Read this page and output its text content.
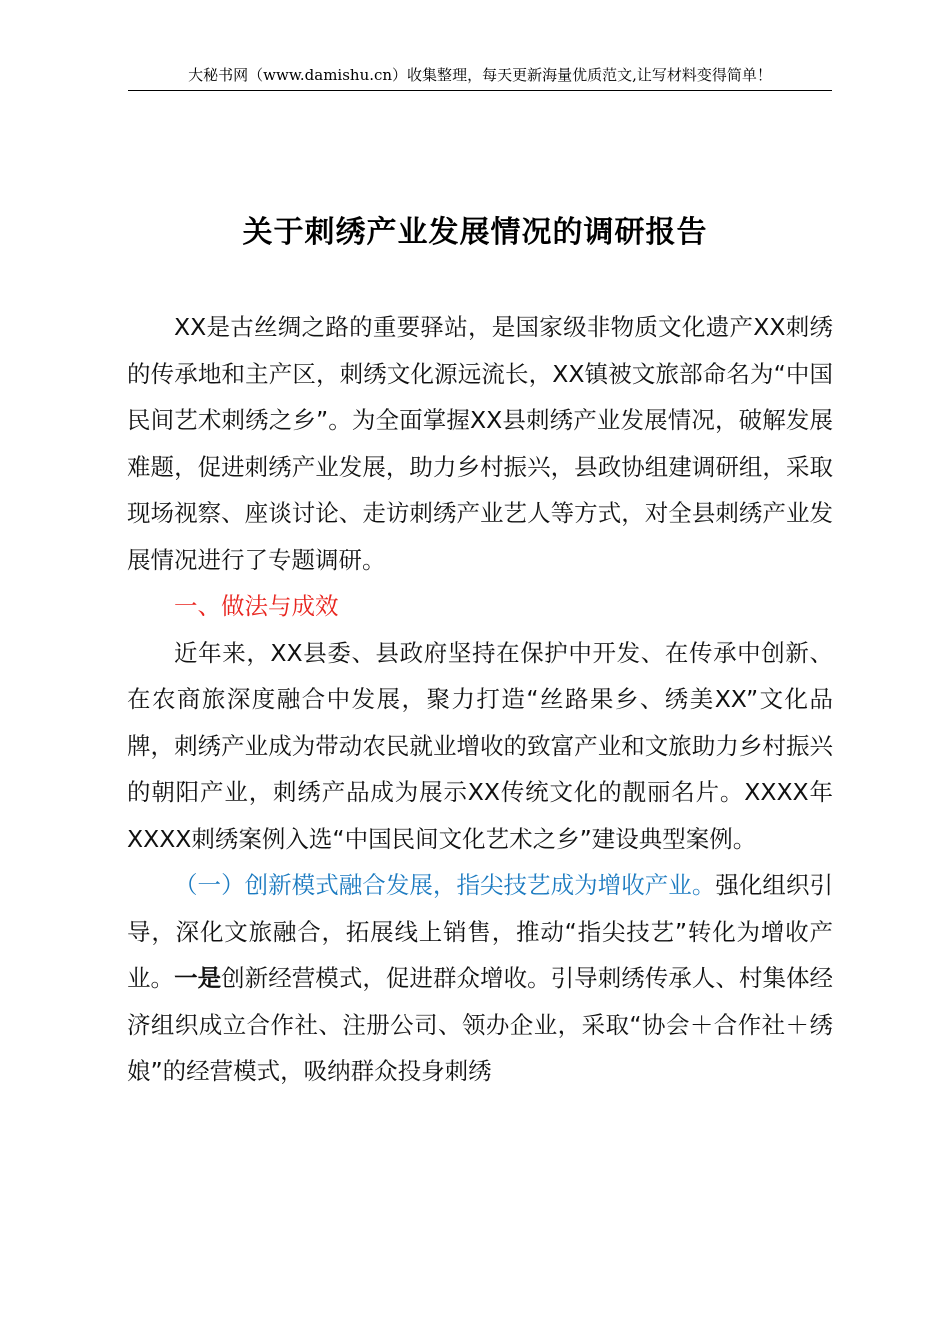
大秘书网（www.damishu.cn）收集整理，每天更新海量优质范文,让写材料变得简单！
关于刺绣产业发展情况的调研报告

XX是古丝绸之路的重要驿站，是国家级非物质文化遗产XX刺绣的传承地和主产区，刺绣文化源远流长，XX镇被文旅部命名为“中国民间艺术刺绣之乡”。为全面掌握XX县刺绣产业发展情况，破解发展难题，促进刺绣产业发展，助力乡村振兴，县政协组建调研组，采取现场视察、座谈讨论、走访刺绣产业艺人等方式，对全县刺绣产业发展情况进行了专题调研。

一、做法与成效

近年来，XX县委、县政府坚持在保护中开发、在传承中创新、在农商旅深度融合中发展，聚力打造“丝路果乡、绣美XX”文化品牌，刺绣产业成为带动农民就业增收的致富产业和文旅助力乡村振兴的朝阳产业，刺绣产品成为展示XX传统文化的靓丽名片。XXXX年XXXX刺绣案例入选“中国民间文化艺术之乡”建设典型案例。

（一）创新模式融合发展，指尖技艺成为增收产业。强化组织引导，深化文旅融合，拓展线上销售，推动“指尖技艺”转化为增收产业。一是创新经营模式，促进群众增收。引导刺绣传承人、村集体经济组织成立合作社、注册公司、领办企业，采取“协会＋合作社＋绣娘”的经营模式，吸纳群众投身刺绣
